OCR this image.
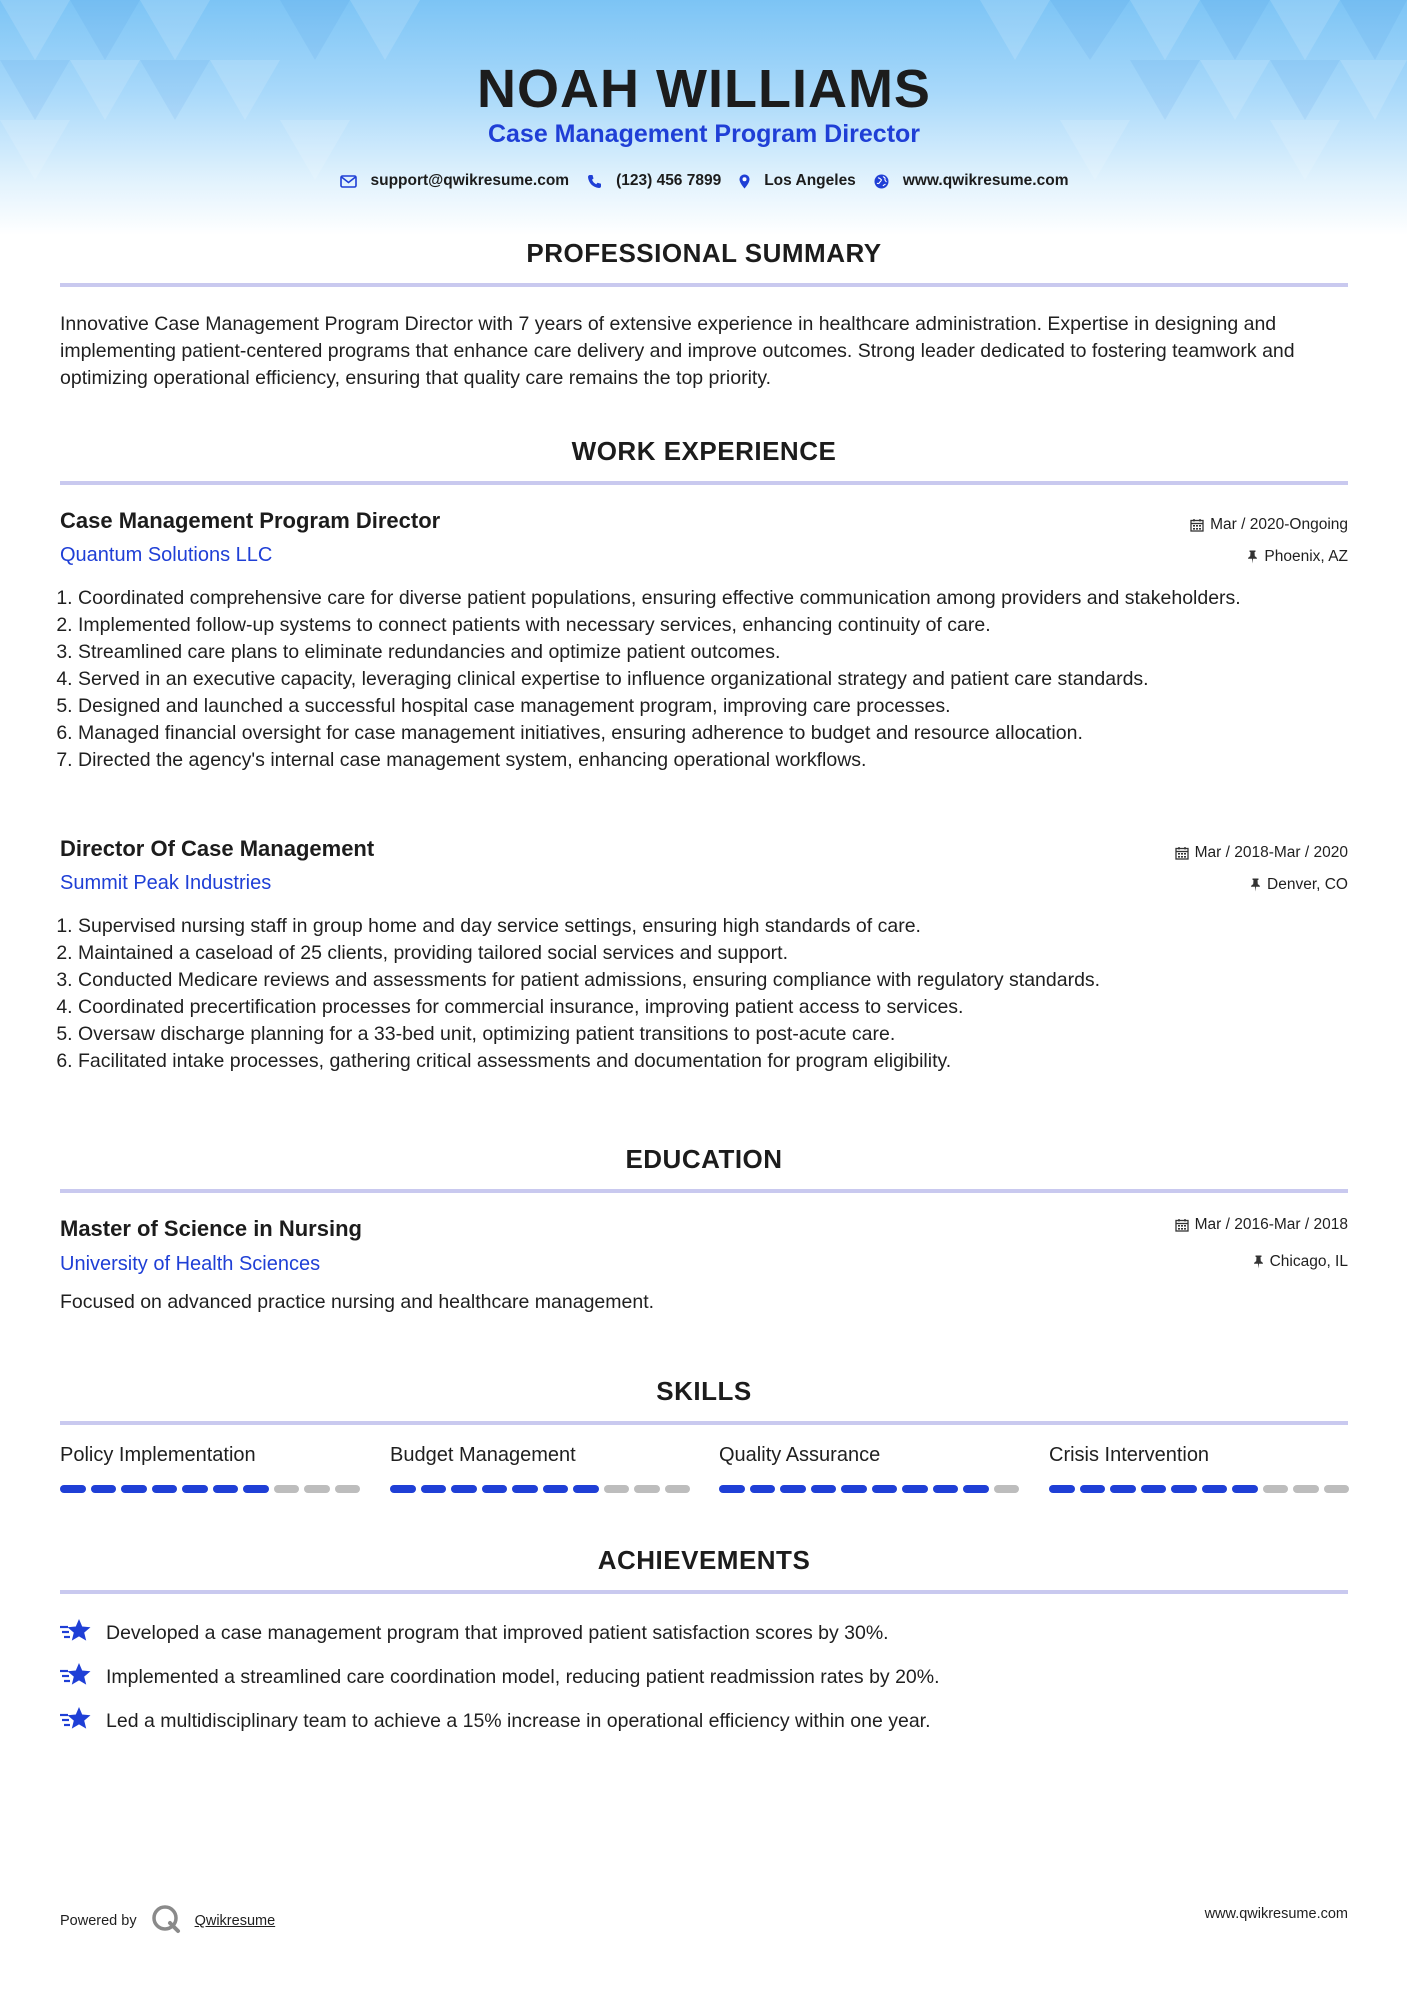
NOAH WILLIAMS
Case Management Program Director
support@qwikresume.com	(123) 456 7899	Los Angeles	www.qwikresume.com
PROFESSIONAL SUMMARY
Innovative Case Management Program Director with 7 years of extensive experience in healthcare administration. Expertise in designing and implementing patient-centered programs that enhance care delivery and improve outcomes. Strong leader dedicated to fostering teamwork and optimizing operational efficiency, ensuring that quality care remains the top priority.
WORK EXPERIENCE
Case Management Program Director
Quantum Solutions LLC
Mar / 2020-Ongoing
Phoenix, AZ
1. Coordinated comprehensive care for diverse patient populations, ensuring effective communication among providers and stakeholders.
2. Implemented follow-up systems to connect patients with necessary services, enhancing continuity of care.
3. Streamlined care plans to eliminate redundancies and optimize patient outcomes.
4. Served in an executive capacity, leveraging clinical expertise to influence organizational strategy and patient care standards.
5. Designed and launched a successful hospital case management program, improving care processes.
6. Managed financial oversight for case management initiatives, ensuring adherence to budget and resource allocation.
7. Directed the agency's internal case management system, enhancing operational workflows.
Director Of Case Management
Summit Peak Industries
Mar / 2018-Mar / 2020
Denver, CO
1. Supervised nursing staff in group home and day service settings, ensuring high standards of care.
2. Maintained a caseload of 25 clients, providing tailored social services and support.
3. Conducted Medicare reviews and assessments for patient admissions, ensuring compliance with regulatory standards.
4. Coordinated precertification processes for commercial insurance, improving patient access to services.
5. Oversaw discharge planning for a 33-bed unit, optimizing patient transitions to post-acute care.
6. Facilitated intake processes, gathering critical assessments and documentation for program eligibility.
EDUCATION
Master of Science in Nursing
University of Health Sciences
Mar / 2016-Mar / 2018
Chicago, IL
Focused on advanced practice nursing and healthcare management.
SKILLS
Policy Implementation	Budget Management	Quality Assurance	Crisis Intervention
ACHIEVEMENTS
Developed a case management program that improved patient satisfaction scores by 30%.
Implemented a streamlined care coordination model, reducing patient readmission rates by 20%.
Led a multidisciplinary team to achieve a 15% increase in operational efficiency within one year.
Powered by	Qwikresume	www.qwikresume.com
